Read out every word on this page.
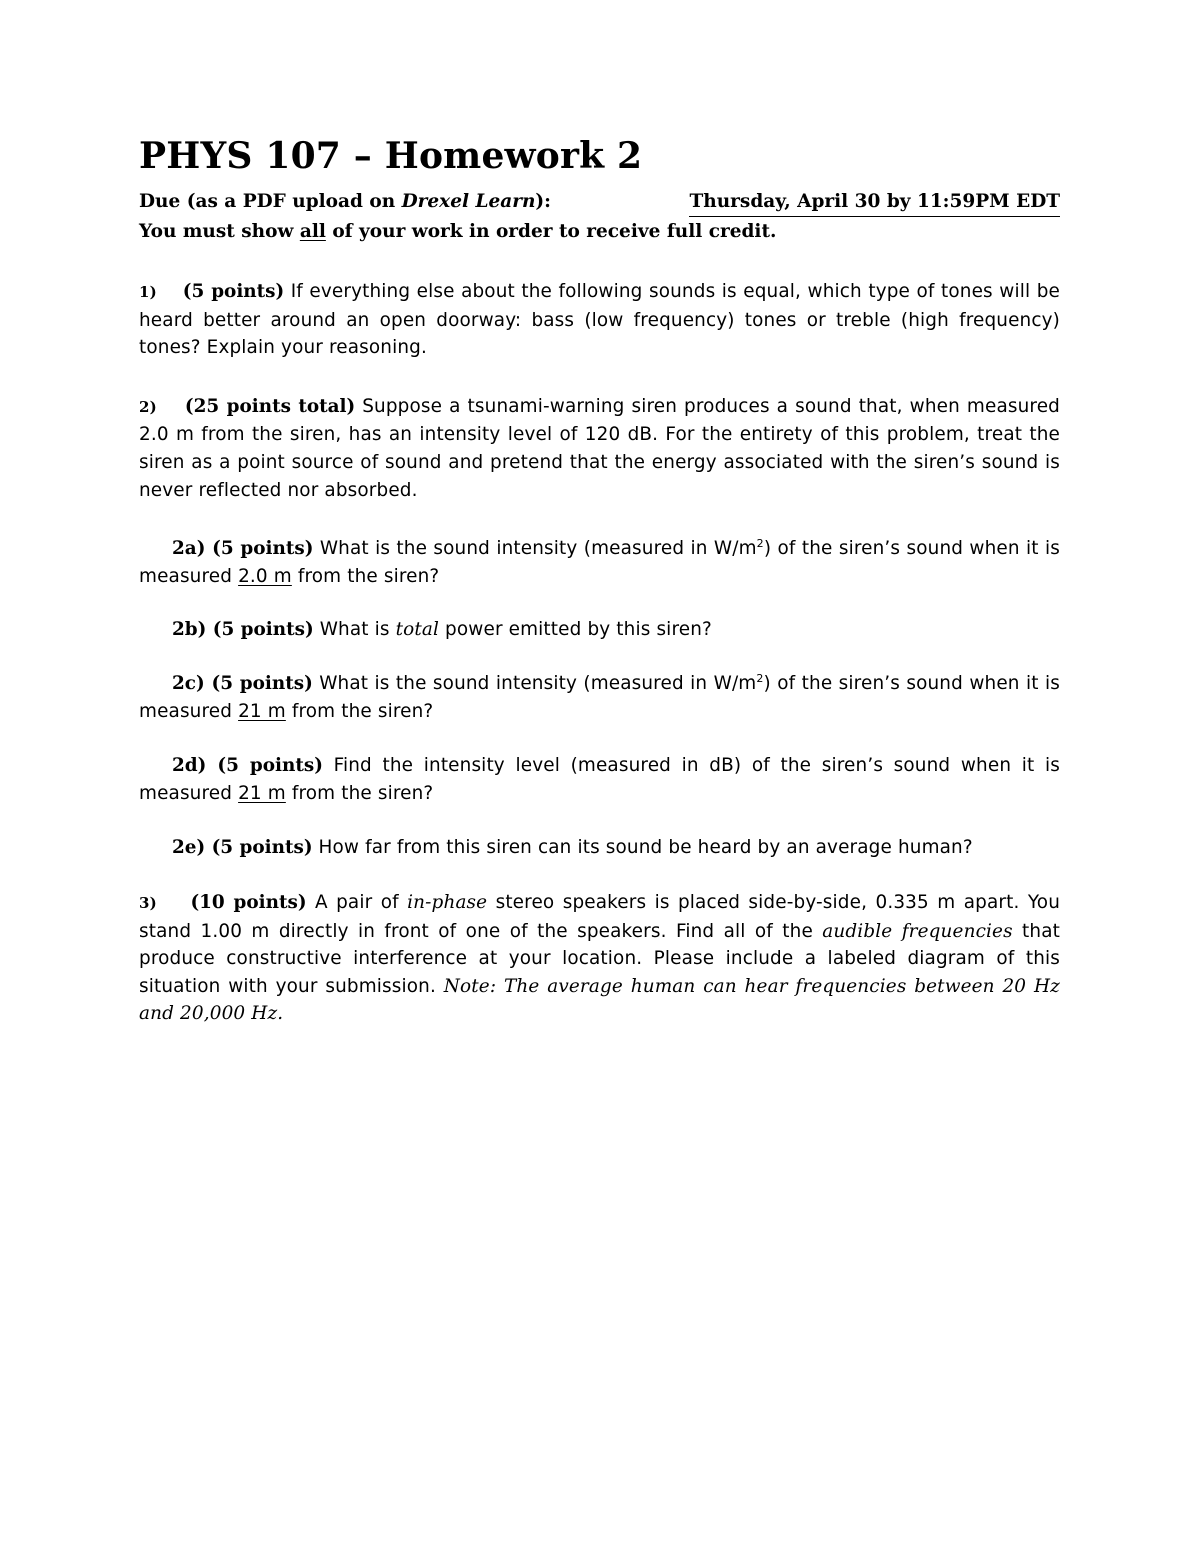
PHYS 107 – Homework 2
Due (as a PDF upload on Drexel Learn):	Thursday, April 30 by 11:59PM EDT
You must show all of your work in order to receive full credit.

1) (5 points) If everything else about the following sounds is equal, which type of tones will be heard better around an open doorway: bass (low frequency) tones or treble (high frequency) tones? Explain your reasoning.

2) (25 points total) Suppose a tsunami-warning siren produces a sound that, when measured 2.0 m from the siren, has an intensity level of 120 dB. For the entirety of this problem, treat the siren as a point source of sound and pretend that the energy associated with the siren’s sound is never reflected nor absorbed.

2a) (5 points) What is the sound intensity (measured in $W/m^2$) of the siren’s sound when it is measured 2.0 m from the siren?

2b) (5 points) What is total power emitted by this siren?

2c) (5 points) What is the sound intensity (measured in $W/m^2$) of the siren’s sound when it is measured 21 m from the siren?

2d) (5 points) Find the intensity level (measured in dB) of the siren’s sound when it is measured 21 m from the siren?

2e) (5 points) How far from this siren can its sound be heard by an average human?

3) (10 points) A pair of in-phase stereo speakers is placed side-by-side, 0.335 m apart. You stand 1.00 m directly in front of one of the speakers. Find all of the audible frequencies that produce constructive interference at your location. Please include a labeled diagram of this situation with your submission. Note: The average human can hear frequencies between 20 Hz and 20,000 Hz.
